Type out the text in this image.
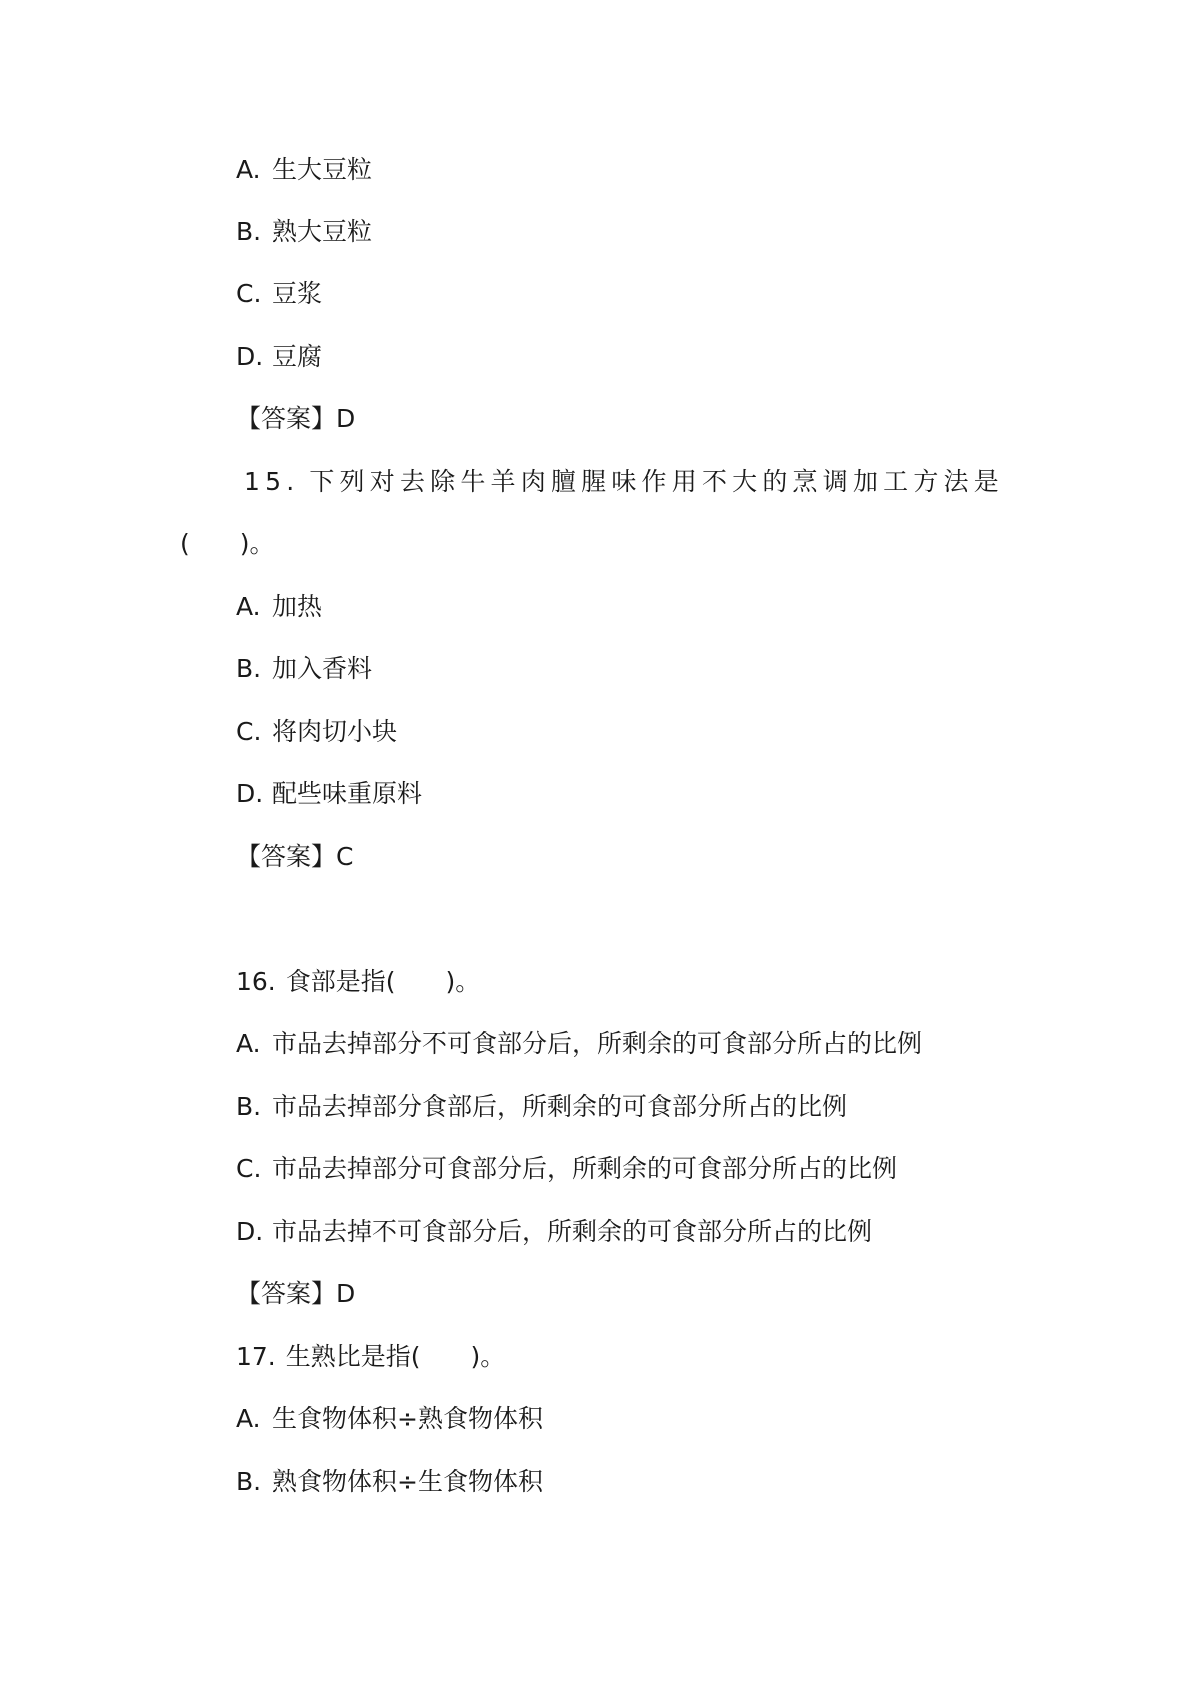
A. 生大豆粒
B. 熟大豆粒
C. 豆浆
D. 豆腐
【答案】D
15. 下列对去除牛羊肉膻腥味作用不大的烹调加工方法是
(　　)。
A. 加热
B. 加入香料
C. 将肉切小块
D. 配些味重原料
【答案】C
16. 食部是指(　　)。
A. 市品去掉部分不可食部分后，所剩余的可食部分所占的比例
B. 市品去掉部分食部后，所剩余的可食部分所占的比例
C. 市品去掉部分可食部分后，所剩余的可食部分所占的比例
D. 市品去掉不可食部分后，所剩余的可食部分所占的比例
【答案】D
17. 生熟比是指(　　)。
A. 生食物体积÷熟食物体积
B. 熟食物体积÷生食物体积
